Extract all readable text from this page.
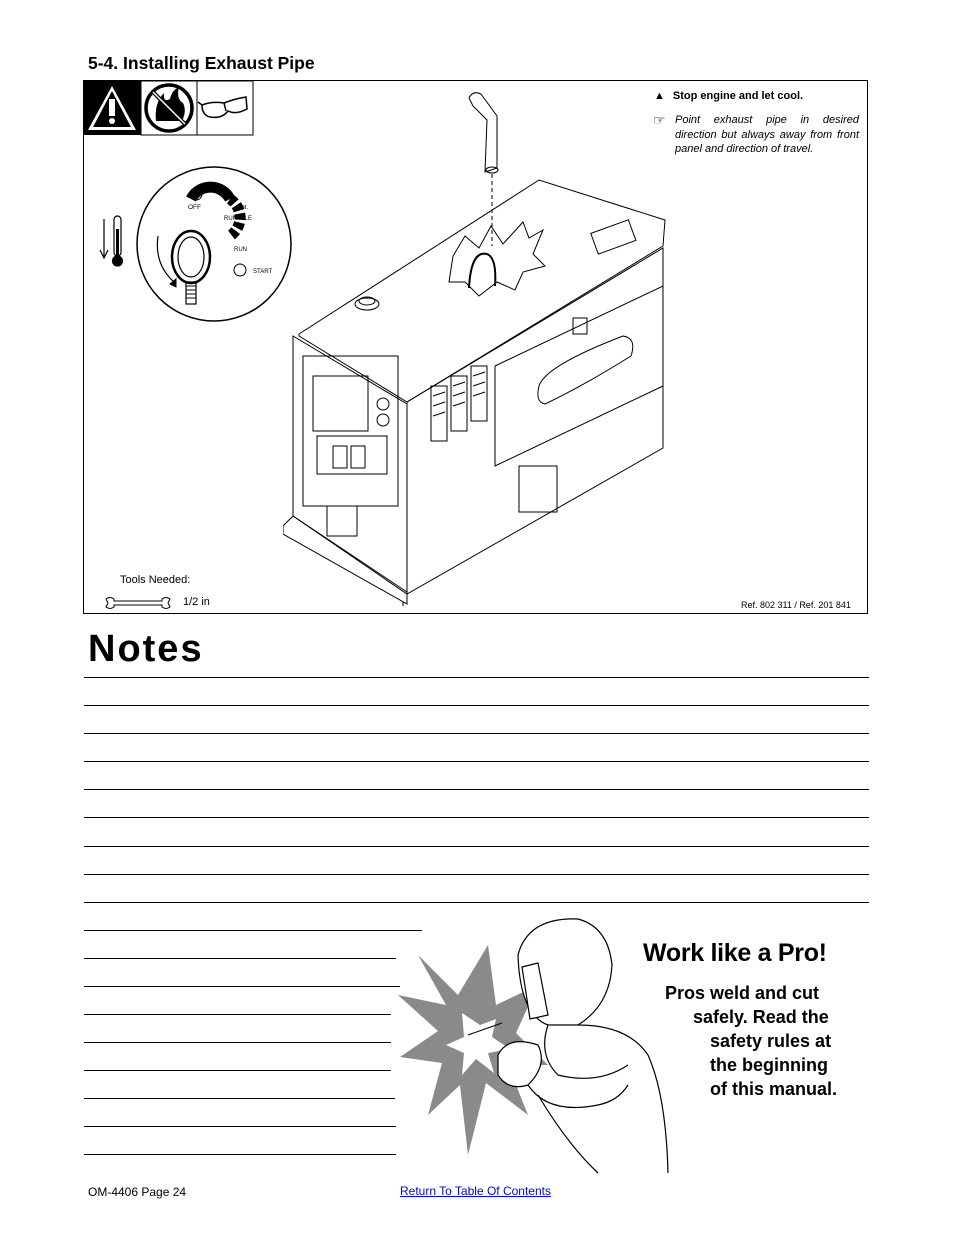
5-4. Installing Exhaust Pipe
OFF	opt.
RUN/IDLE
RUN
START
▲ Stop engine and let cool.
☞ Point exhaust pipe in desired direction but always away from front panel and direction of travel.
Tools Needed:
1/2 in	Ref. 802 311 / Ref. 201 841
Notes
Work like a Pro!
Pros weld and cut
safely. Read the
safety rules at
the beginning
of this manual.
OM-4406 Page 24	Return To Table Of Contents
